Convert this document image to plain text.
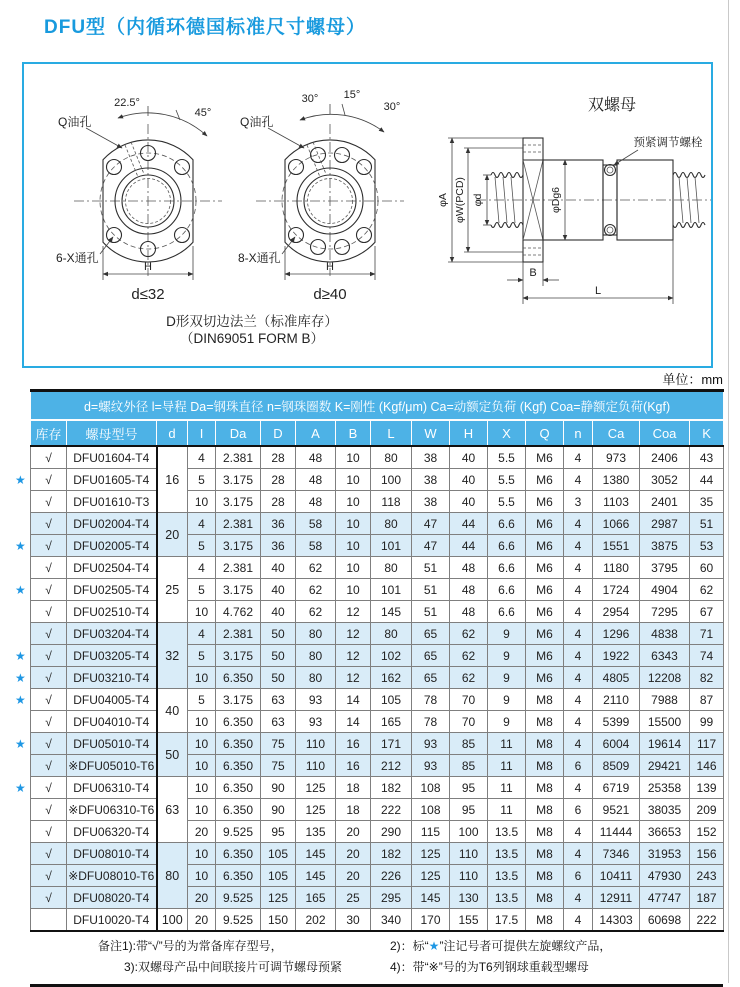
DFU型（内循环德国标准尺寸螺母）
Q油孔
22.5°
45°
6-X通孔
H
d≤32
Q油孔
30° 15°
30°
8-X通孔
H
d≥40
D形双切边法兰（标准库存）
（DIN69051 FORM B）
双螺母
预紧调节螺栓
φA φW(PCD) φd	φDg6
B
L
单位：mm
d=螺纹外径 l=导程 Da=钢珠直径 n=钢珠圈数 K=刚性 (Kgf/μm) Ca=动额定负荷 (Kgf) Coa=静额定负荷(Kgf)																
库存	螺母型号	d	I	Da	D	A	B	L	W	H	X	Q	n	Ca	Coa	K
√	DFU01604-T4	16	4	2.381	28	48	10	80	38	40	5.5	M6	4	973	2406	43

★ √	DFU01605-T4		5	3.175	28	48	10	100	38	40	5.5	M6	4	1380	3052	44
√	DFU01610-T3		10	3.175	28	48	10	118	38	40	5.5	M6	3	1103	2401	35
√	DFU02004-T4	20	4	2.381	36	58	10	80	47	44	6.6	M6	4	1066	2987	51

★ √	DFU02005-T4		5	3.175	36	58	10	101	47	44	6.6	M6	4	1551	3875	53
√	DFU02504-T4	25	4	2.381	40	62	10	80	51	48	6.6	M6	4	1180	3795	60

★ √	DFU02505-T4		5	3.175	40	62	10	101	51	48	6.6	M6	4	1724	4904	62
√	DFU02510-T4		10	4.762	40	62	12	145	51	48	6.6	M6	4	2954	7295	67
√	DFU03204-T4	32	4	2.381	50	80	12	80	65	62	9	M6	4	1296	4838	71

★ √	DFU03205-T4		5	3.175	50	80	12	102	65	62	9	M6	4	1922	6343	74

★ √	DFU03210-T4		10	6.350	50	80	12	162	65	62	9	M6	4	4805	12208	82

★ √	DFU04005-T4	40	5	3.175	63	93	14	105	78	70	9	M8	4	2110	7988	87
√	DFU04010-T4		10	6.350	63	93	14	165	78	70	9	M8	4	5399	15500	99

★ √	DFU05010-T4	50	10	6.350	75	110	16	171	93	85	11	M8	4	6004	19614	117
√	※DFU05010-T6		10	6.350	75	110	16	212	93	85	11	M8	6	8509	29421	146

★ √	DFU06310-T4	63	10	6.350	90	125	18	182	108	95	11	M8	4	6719	25358	139
√	※DFU06310-T6		10	6.350	90	125	18	222	108	95	11	M8	6	9521	38035	209
√	DFU06320-T4		20	9.525	95	135	20	290	115	100	13.5	M8	4	11444	36653	152
√	DFU08010-T4	80	10	6.350	105	145	20	182	125	110	13.5	M8	4	7346	31953	156
√	※DFU08010-T6		10	6.350	105	145	20	226	125	110	13.5	M8	6	10411	47930	243
√	DFU08020-T4		20	9.525	125	165	25	295	145	130	13.5	M8	4	12911	47747	187
	DFU10020-T4	100	20	9.525	150	202	30	340	170	155	17.5	M8	4	14303	60698	222
备注1):带“√”号的为常备库存型号，	2)：标“★”注记号者可提供左旋螺纹产品，
3):双螺母产品中间联接片可调节螺母预紧	4)：带“※”号的为T6列钢球重载型螺母
